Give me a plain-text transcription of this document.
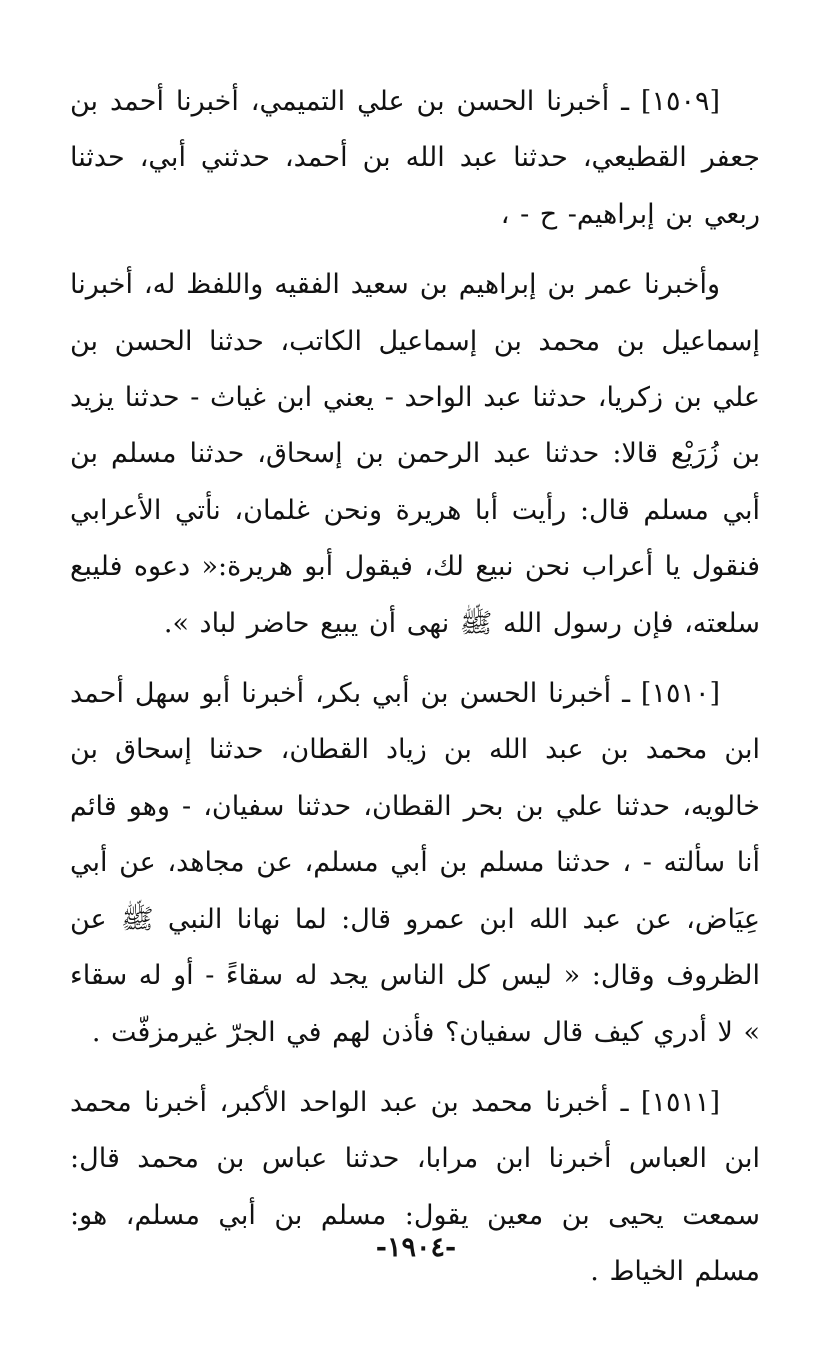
[١٥٠٩] ـ أخبرنا الحسن بن علي التميمي، أخبرنا أحمد بن جعفر القطيعي، حدثنا عبد الله بن أحمد، حدثني أبي، حدثنا ربعي بن إبراهيم- ح - ،

وأخبرنا عمر بن إبراهيم بن سعيد الفقيه واللفظ له، أخبرنا إسماعيل بن محمد بن إسماعيل الكاتب، حدثنا الحسن بن علي بن زكريا، حدثنا عبد الواحد - يعني ابن غياث - حدثنا يزيد بن زُرَيْع قالا: حدثنا عبد الرحمن بن إسحاق، حدثنا مسلم بن أبي مسلم قال: رأيت أبا هريرة ونحن غلمان، نأتي الأعرابي فنقول يا أعراب نحن نبيع لك، فيقول أبو هريرة:« دعوه فليبع سلعته، فإن رسول الله ﷺ نهى أن يبيع حاضر لباد ».

[١٥١٠] ـ أخبرنا الحسن بن أبي بكر، أخبرنا أبو سهل أحمد ابن محمد بن عبد الله بن زياد القطان، حدثنا إسحاق بن خالويه، حدثنا علي بن بحر القطان، حدثنا سفيان، - وهو قائم أنا سألته - ، حدثنا مسلم بن أبي مسلم، عن مجاهد، عن أبي عِيَاض، عن عبد الله ابن عمرو قال: لما نهانا النبي ﷺ عن الظروف وقال: « ليس كل الناس يجد له سقاءً - أو له سقاء » لا أدري كيف قال سفيان؟ فأذن لهم في الجرّ غيرمزفّت .

[١٥١١] ـ أخبرنا محمد بن عبد الواحد الأكبر، أخبرنا محمد ابن العباس أخبرنا ابن مرابا، حدثنا عباس بن محمد قال: سمعت يحيى بن معين يقول: مسلم بن أبي مسلم، هو: مسلم الخياط .

-١٩٠٤-
